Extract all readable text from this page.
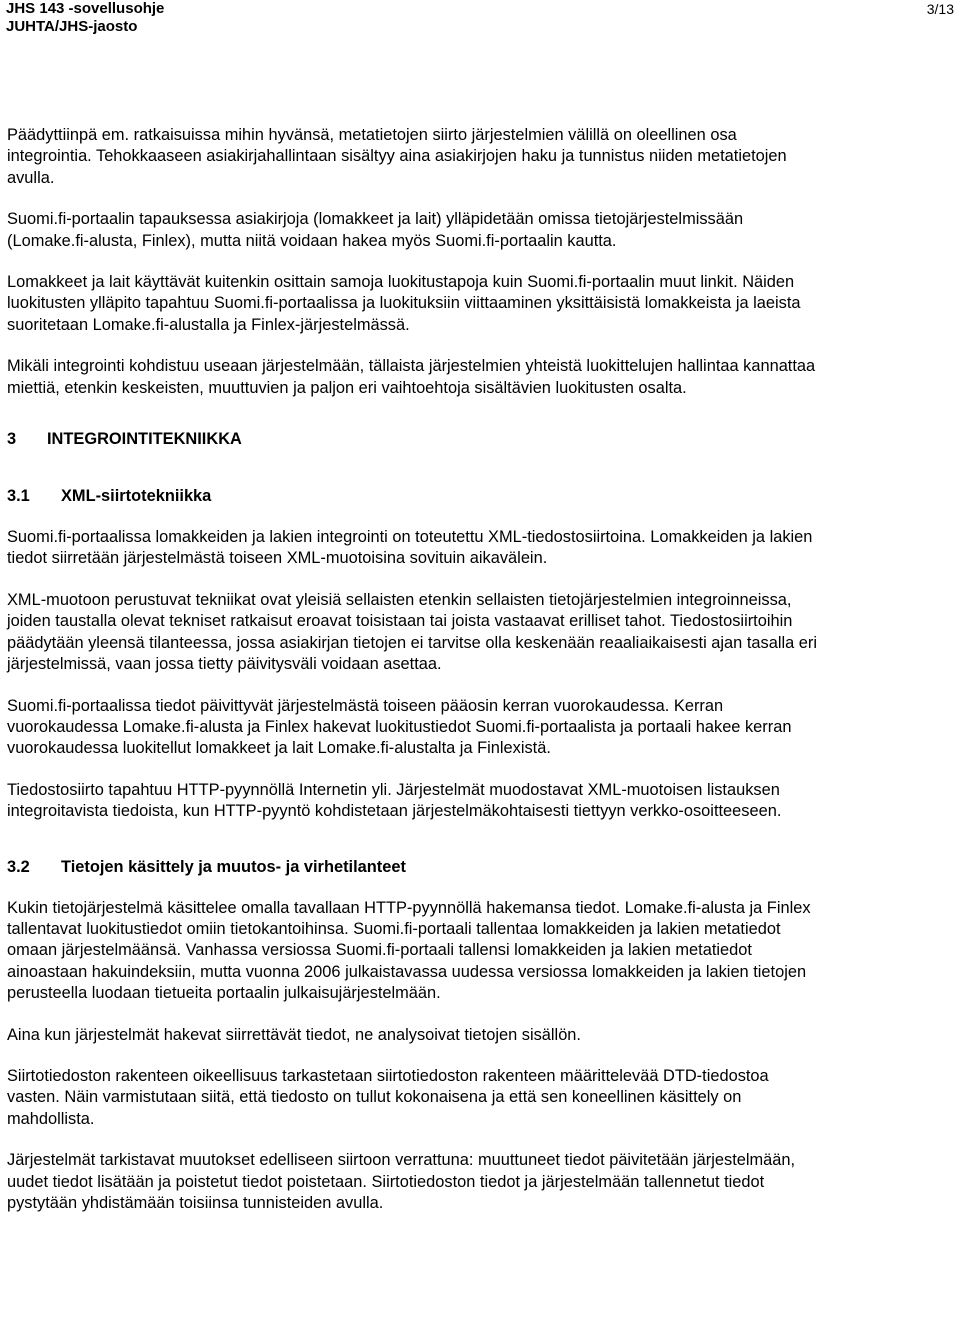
JHS 143 -sovellusohje
JUHTA/JHS-jaosto
3/13

Päädyttiinpä em. ratkaisuissa mihin hyvänsä, metatietojen siirto järjestelmien välillä on oleellinen osa
integrointia. Tehokkaaseen asiakirjahallintaan sisältyy aina asiakirjojen haku ja tunnistus niiden metatietojen
avulla.

Suomi.fi-portaalin tapauksessa asiakirjoja (lomakkeet ja lait) ylläpidetään omissa tietojärjestelmissään
(Lomake.fi-alusta, Finlex), mutta niitä voidaan hakea myös Suomi.fi-portaalin kautta.

Lomakkeet ja lait käyttävät kuitenkin osittain samoja luokitustapoja kuin Suomi.fi-portaalin muut linkit. Näiden
luokitusten ylläpito tapahtuu Suomi.fi-portaalissa ja luokituksiin viittaaminen yksittäisistä lomakkeista ja laeista
suoritetaan Lomake.fi-alustalla ja Finlex-järjestelmässä.

Mikäli integrointi kohdistuu useaan järjestelmään, tällaista järjestelmien yhteistä luokittelujen hallintaa kannattaa
miettiä, etenkin keskeisten, muuttuvien ja paljon eri vaihtoehtoja sisältävien luokitusten osalta.

3 INTEGROINTITEKNIIKKA
3.1 XML-siirtotekniikka

Suomi.fi-portaalissa lomakkeiden ja lakien integrointi on toteutettu XML-tiedostosiirtoina. Lomakkeiden ja lakien
tiedot siirretään järjestelmästä toiseen XML-muotoisina sovituin aikavälein.

XML-muotoon perustuvat tekniikat ovat yleisiä sellaisten etenkin sellaisten tietojärjestelmien integroinneissa,
joiden taustalla olevat tekniset ratkaisut eroavat toisistaan tai joista vastaavat erilliset tahot. Tiedostosiirtoihin
päädytään yleensä tilanteessa, jossa asiakirjan tietojen ei tarvitse olla keskenään reaaliaikaisesti ajan tasalla eri
järjestelmissä, vaan jossa tietty päivitysväli voidaan asettaa.

Suomi.fi-portaalissa tiedot päivittyvät järjestelmästä toiseen pääosin kerran vuorokaudessa. Kerran
vuorokaudessa Lomake.fi-alusta ja Finlex hakevat luokitustiedot Suomi.fi-portaalista ja portaali hakee kerran
vuorokaudessa luokitellut lomakkeet ja lait Lomake.fi-alustalta ja Finlexistä.

Tiedostosiirto tapahtuu HTTP-pyynnöllä Internetin yli. Järjestelmät muodostavat XML-muotoisen listauksen
integroitavista tiedoista, kun HTTP-pyyntö kohdistetaan järjestelmäkohtaisesti tiettyyn verkko-osoitteeseen.

3.2 Tietojen käsittely ja muutos- ja virhetilanteet

Kukin tietojärjestelmä käsittelee omalla tavallaan HTTP-pyynnöllä hakemansa tiedot. Lomake.fi-alusta ja Finlex
tallentavat luokitustiedot omiin tietokantoihinsa. Suomi.fi-portaali tallentaa lomakkeiden ja lakien metatiedot
omaan järjestelmäänsä. Vanhassa versiossa Suomi.fi-portaali tallensi lomakkeiden ja lakien metatiedot
ainoastaan hakuindeksiin, mutta vuonna 2006 julkaistavassa uudessa versiossa lomakkeiden ja lakien tietojen
perusteella luodaan tietueita portaalin julkaisujärjestelmään.

Aina kun järjestelmät hakevat siirrettävät tiedot, ne analysoivat tietojen sisällön.

Siirtotiedoston rakenteen oikeellisuus tarkastetaan siirtotiedoston rakenteen määrittelevää DTD-tiedostoa
vasten. Näin varmistutaan siitä, että tiedosto on tullut kokonaisena ja että sen koneellinen käsittely on
mahdollista.

Järjestelmät tarkistavat muutokset edelliseen siirtoon verrattuna: muuttuneet tiedot päivitetään järjestelmään,
uudet tiedot lisätään ja poistetut tiedot poistetaan. Siirtotiedoston tiedot ja järjestelmään tallennetut tiedot
pystytään yhdistämään toisiinsa tunnisteiden avulla.
